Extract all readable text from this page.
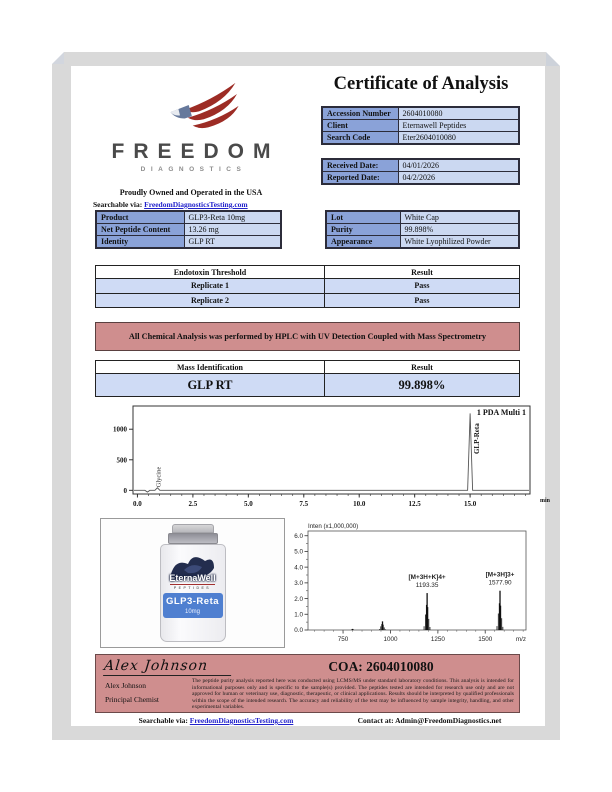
FREEDOM
DIAGNOSTICS
Proudly Owned and Operated in the USA
Searchable via: FreedomDiagnosticsTesting.com
Certificate of Analysis
Accession Number	2604010080
Client	Eternawell Peptides
Search Code	Eter2604010080
Received Date:	04/01/2026
Reported Date:	04/2/2026
Product	GLP3-Reta 10mg
Net Peptide Content	13.26 mg
Identity	GLP RT
Lot	White Cap
Purity	99.898%
Appearance	White Lyophilized Powder
Endotoxin Threshold	Result
Replicate 1	Pass
Replicate 2	Pass
All Chemical Analysis was performed by HPLC with UV Detection Coupled with Mass Spectrometry
Mass Identification	Result
GLP RT	99.898%
0.0	2.5	5.0	7.5	10.0	12.5	15.0	min
0
500
1000
1 PDA Multi 1
Glycine
GLP-Reta
EternaWell
PEPTIDES
GLP3-Reta
10mg
0.0
1.0
2.0
3.0
4.0
5.0
6.0
750	1000	1250	1500	m/z
Inten (x1,000,000)
[M+3H+K]4+
1193.35
[M+3H]3+
1577.90
Alex Johnson	COA: 2604010080
Alex Johnson
Principal Chemist
The peptide purity analysis reported here was conducted using LCMS/MS under standard laboratory conditions. This analysis is intended for informational purposes only and is specific to the sample(s) provided. The peptides tested are intended for research use only and are not approved for human or veterinary use, diagnostic, therapeutic, or clinical applications. Results should be interpreted by qualified professionals within the scope of the intended research. The accuracy and reliability of the test may be influenced by sample integrity, handling, and other experimental variables.
Searchable via: FreedomDiagnosticsTesting.com	Contact at: Admin@FreedomDiagnostics.net
